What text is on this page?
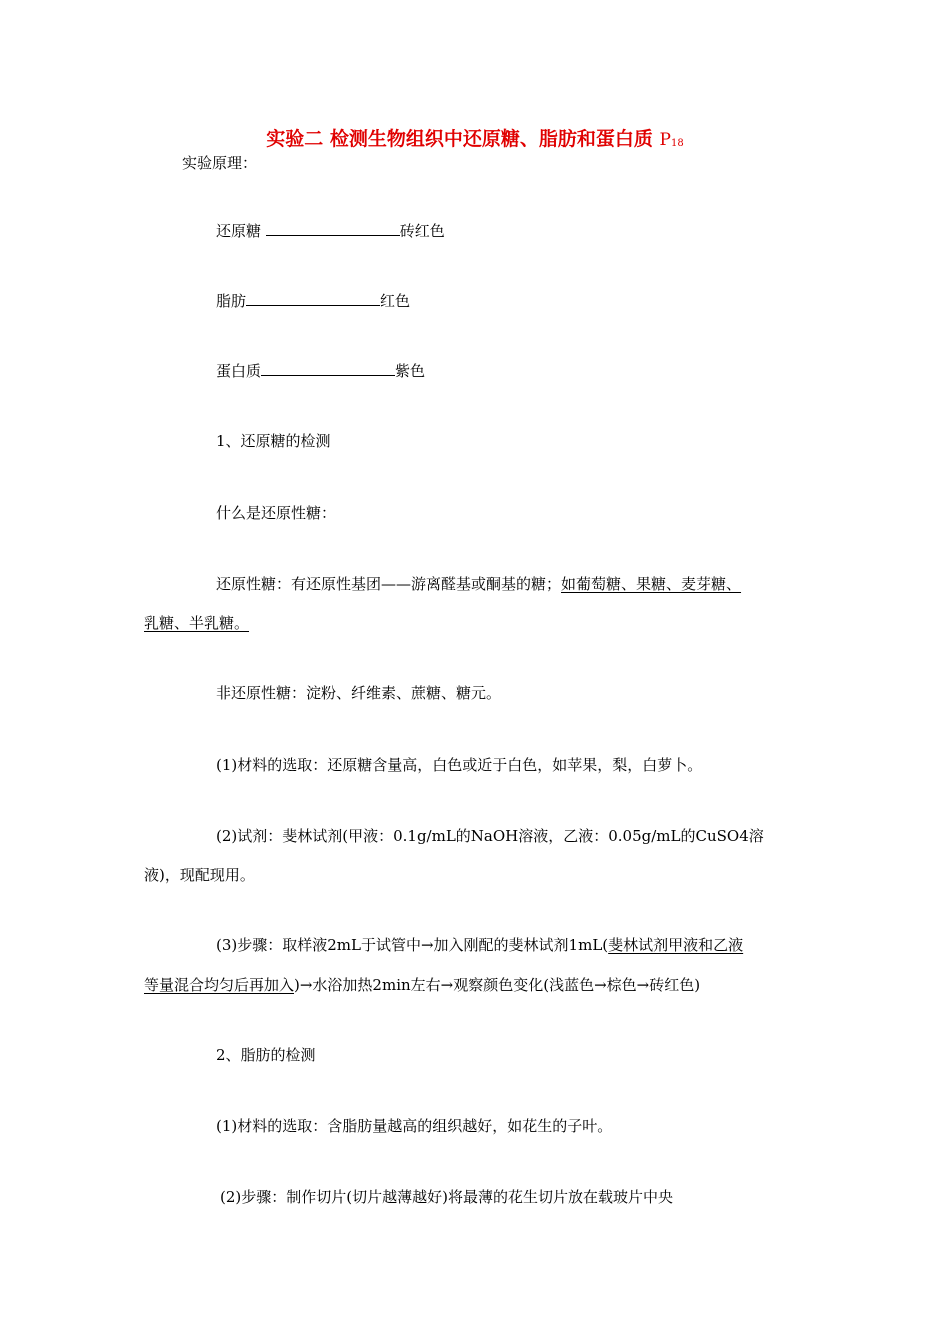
实验二 检测生物组织中还原糖、脂肪和蛋白质 $P_{18}$
实验原理：
还原糖	砖红色
脂肪	红色
蛋白质	紫色
1、还原糖的检测
什么是还原性糖：
还原性糖：有还原性基团——游离醛基或酮基的糖；如葡萄糖、果糖、麦芽糖、
乳糖、半乳糖。
非还原性糖：淀粉、纤维素、蔗糖、糖元。
(1)材料的选取：还原糖含量高，白色或近于白色，如苹果，梨，白萝卜。
(2)试剂：斐林试剂(甲液：0.1g/mL的NaOH溶液，乙液：0.05g/mL的CuSO4溶
液)，现配现用。
(3)步骤：取样液2mL于试管中→加入刚配的斐林试剂1mL(斐林试剂甲液和乙液
等量混合均匀后再加入)→水浴加热2min左右→观察颜色变化(浅蓝色→棕色→砖红色)
2、脂肪的检测
(1)材料的选取：含脂肪量越高的组织越好，如花生的子叶。
(2)步骤：制作切片(切片越薄越好)将最薄的花生切片放在载玻片中央
